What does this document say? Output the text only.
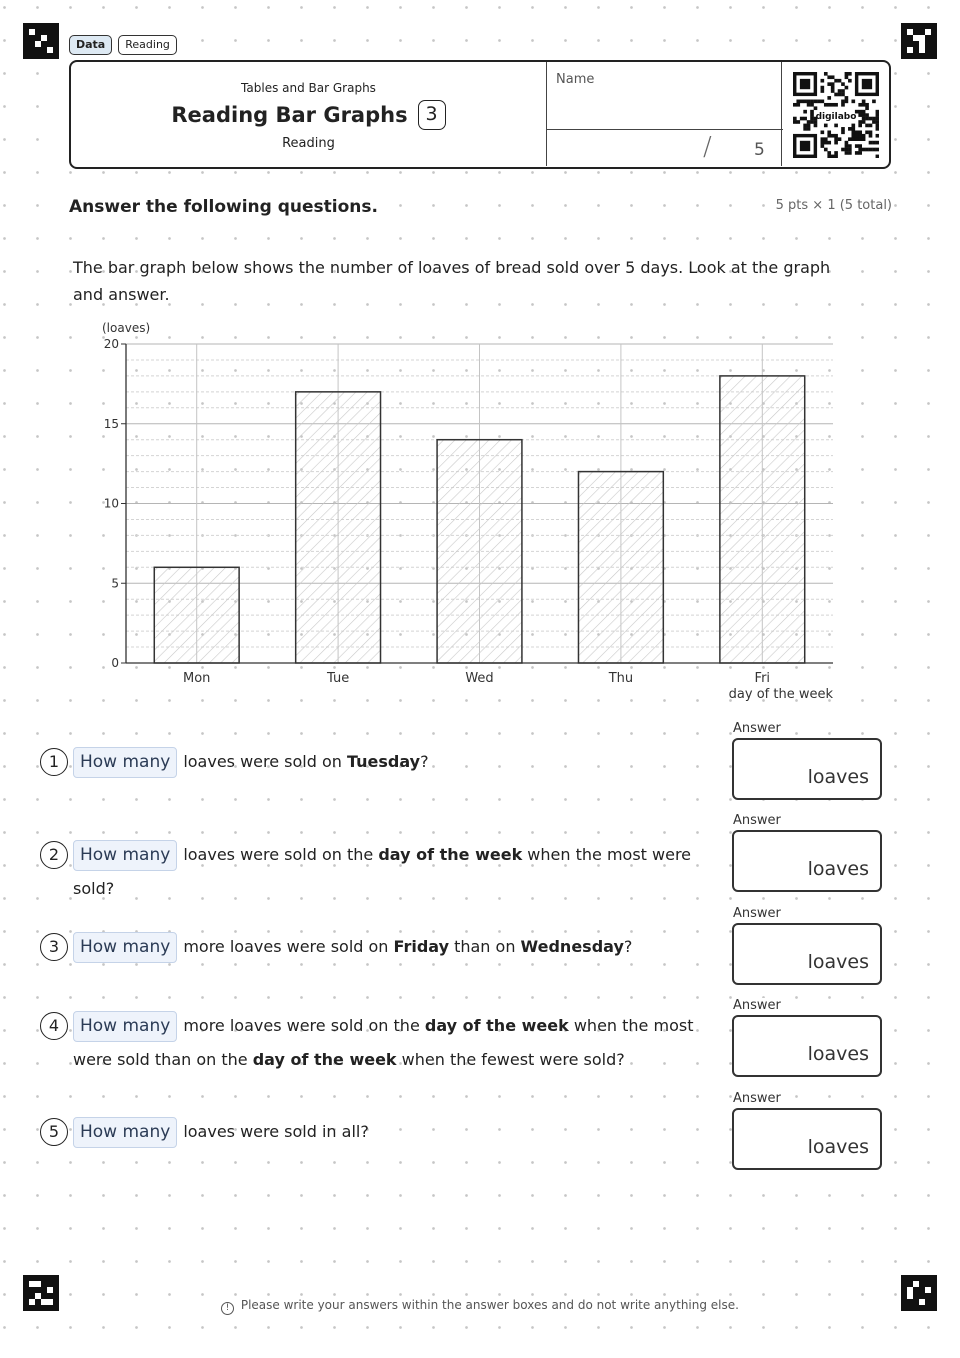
Data	Reading
Tables and Bar Graphs
Reading Bar Graphs 3
Reading
Name
/ 5
digilabo
Answer the following questions.	5 pts × 1 (5 total)
The bar graph below shows the number of loaves of bread sold over 5 days. Look at the graph and answer.
0
5
10
15
20
Mon	Tue	Wed	Thu	Fri
(loaves)
day of the week
1	How many loaves were sold on Tuesday?
Answer
loaves
2	How many loaves were sold on the day of the week when the most were sold?
Answer
loaves
3	How many more loaves were sold on Friday than on Wednesday?
Answer
loaves
4	How many more loaves were sold on the day of the week when the most were sold than on the day of the week when the fewest were sold?
Answer
loaves
5	How many loaves were sold in all?
Answer
loaves
! Please write your answers within the answer boxes and do not write anything else.
